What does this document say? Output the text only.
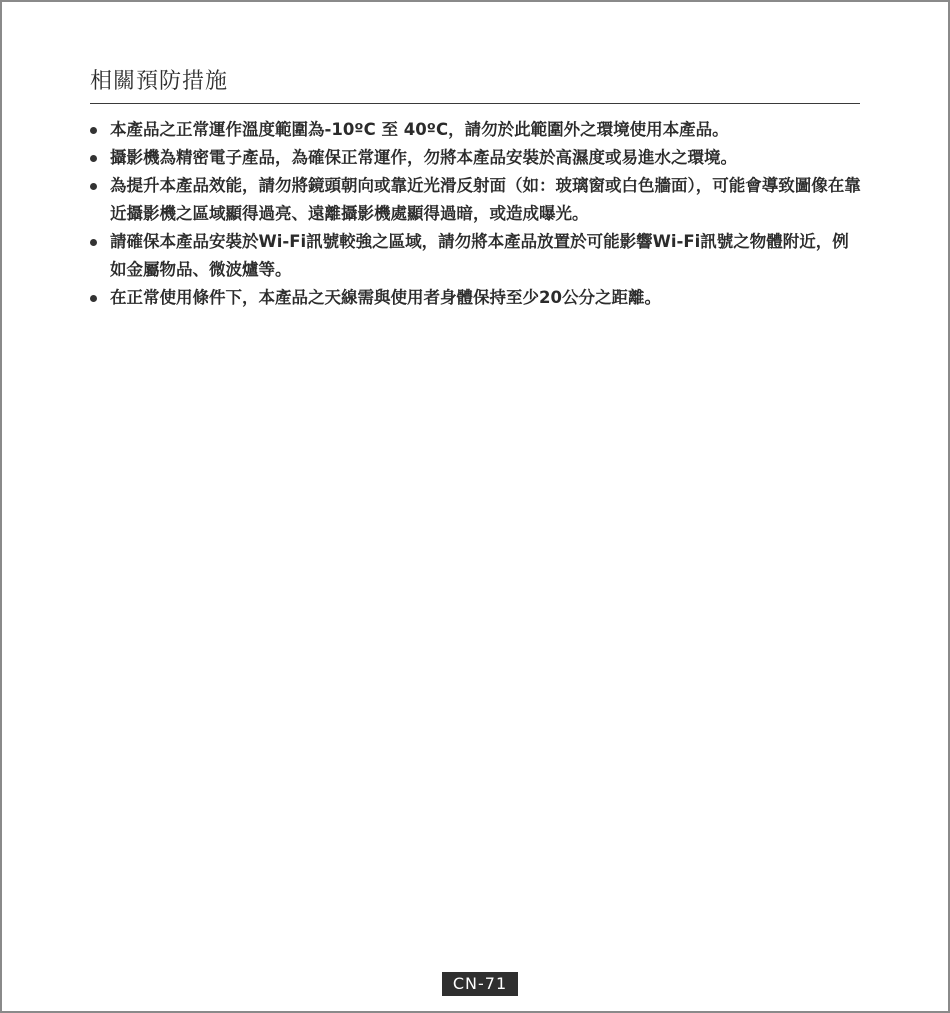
相關預防措施
本產品之正常運作溫度範圍為-10ºC 至 40ºC，請勿於此範圍外之環境使用本產品。
攝影機為精密電子產品，為確保正常運作，勿將本產品安裝於高濕度或易進水之環境。
為提升本產品效能，請勿將鏡頭朝向或靠近光滑反射面（如：玻璃窗或白色牆面），可能會導致圖像在靠近攝影機之區域顯得過亮、遠離攝影機處顯得過暗，或造成曝光。
請確保本產品安裝於Wi-Fi訊號較強之區域，請勿將本產品放置於可能影響Wi-Fi訊號之物體附近，例如金屬物品、微波爐等。
在正常使用條件下，本產品之天線需與使用者身體保持至少20公分之距離。
CN-71
